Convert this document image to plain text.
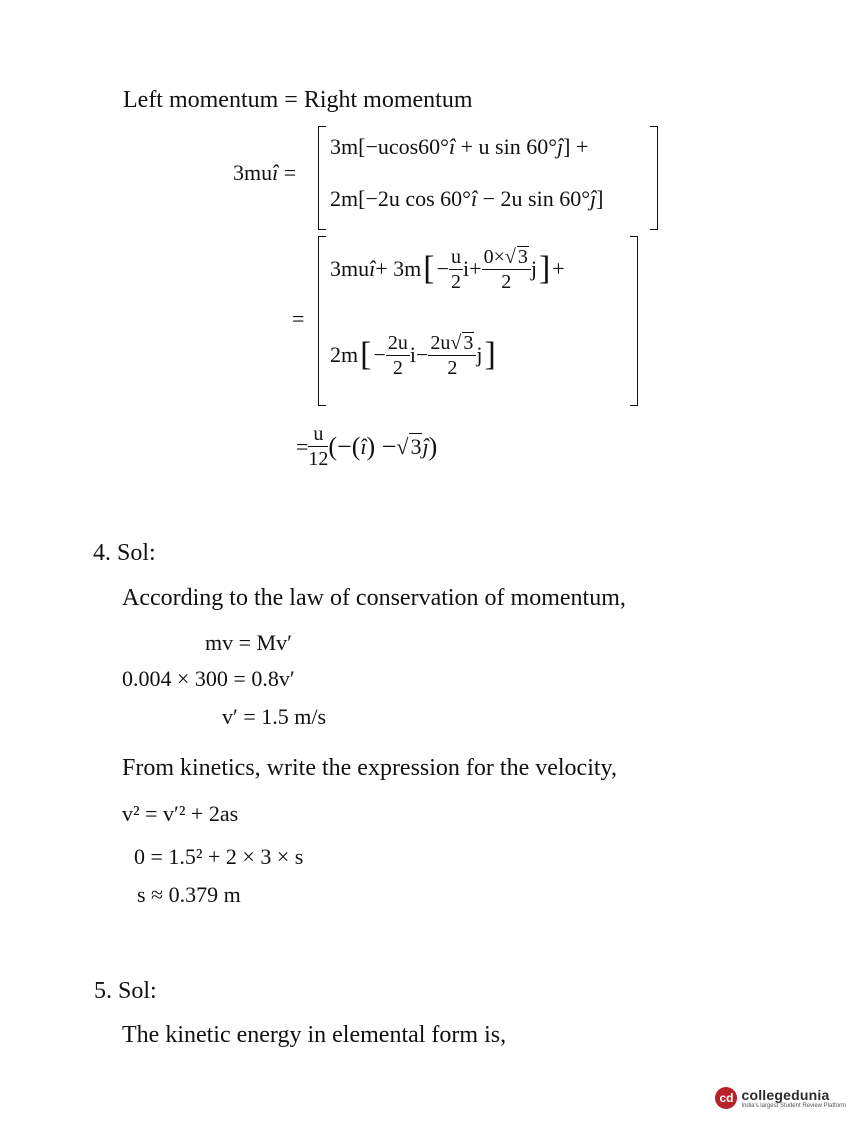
Left momentum = Right momentum
3muî =
3m[−ucos60°î + u sin 60°ĵ] +
2m[−2u cos 60°î − 2u sin 60°ĵ]
=
3mu î + 3m [ − $\frac{u}{2}$ $i + \frac{0\times√ 3}{2}$ j ] +
2m [ − $\frac{2u}{2}$ $i - \frac{2u√ 3}{2}$ j ]
= $\frac{u}{12}$ (−( î ) − √ 3 ĵ )
4. Sol:
According to the law of conservation of momentum,
mv = Mv′
0.004 × 300 = 0.8v′
v′ = 1.5 m/s
From kinetics, write the expression for the velocity,
v² = v′² + 2as
0 = 1.5² + 2 × 3 × s
s ≈ 0.379 m
5. Sol:
The kinetic energy in elemental form is,
cd collegedunia
India's largest Student Review Platform
